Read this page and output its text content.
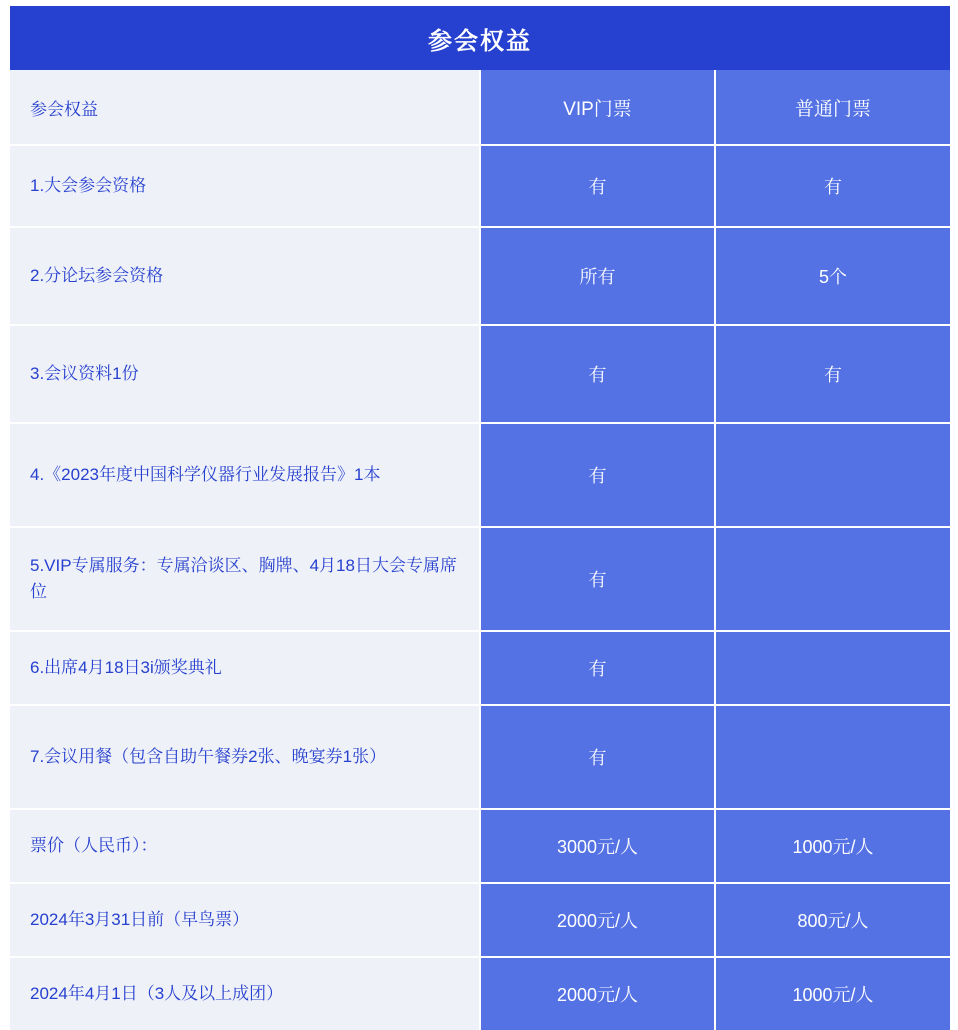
参会权益		
参会权益	VIP门票	普通门票
1.大会参会资格	有	有
2.分论坛参会资格	所有	5个
3.会议资料1份	有	有
4.《2023年度中国科学仪器行业发展报告》1本	有	
5.VIP专属服务：专属洽谈区、胸牌、4月18日大会专属席位	有	
6.出席4月18日3i颁奖典礼	有	
7.会议用餐（包含自助午餐券2张、晚宴券1张）	有	
票价（人民币）：	3000元/人	1000元/人
2024年3月31日前（早鸟票）	2000元/人	800元/人
2024年4月1日（3人及以上成团）	2000元/人	1000元/人
